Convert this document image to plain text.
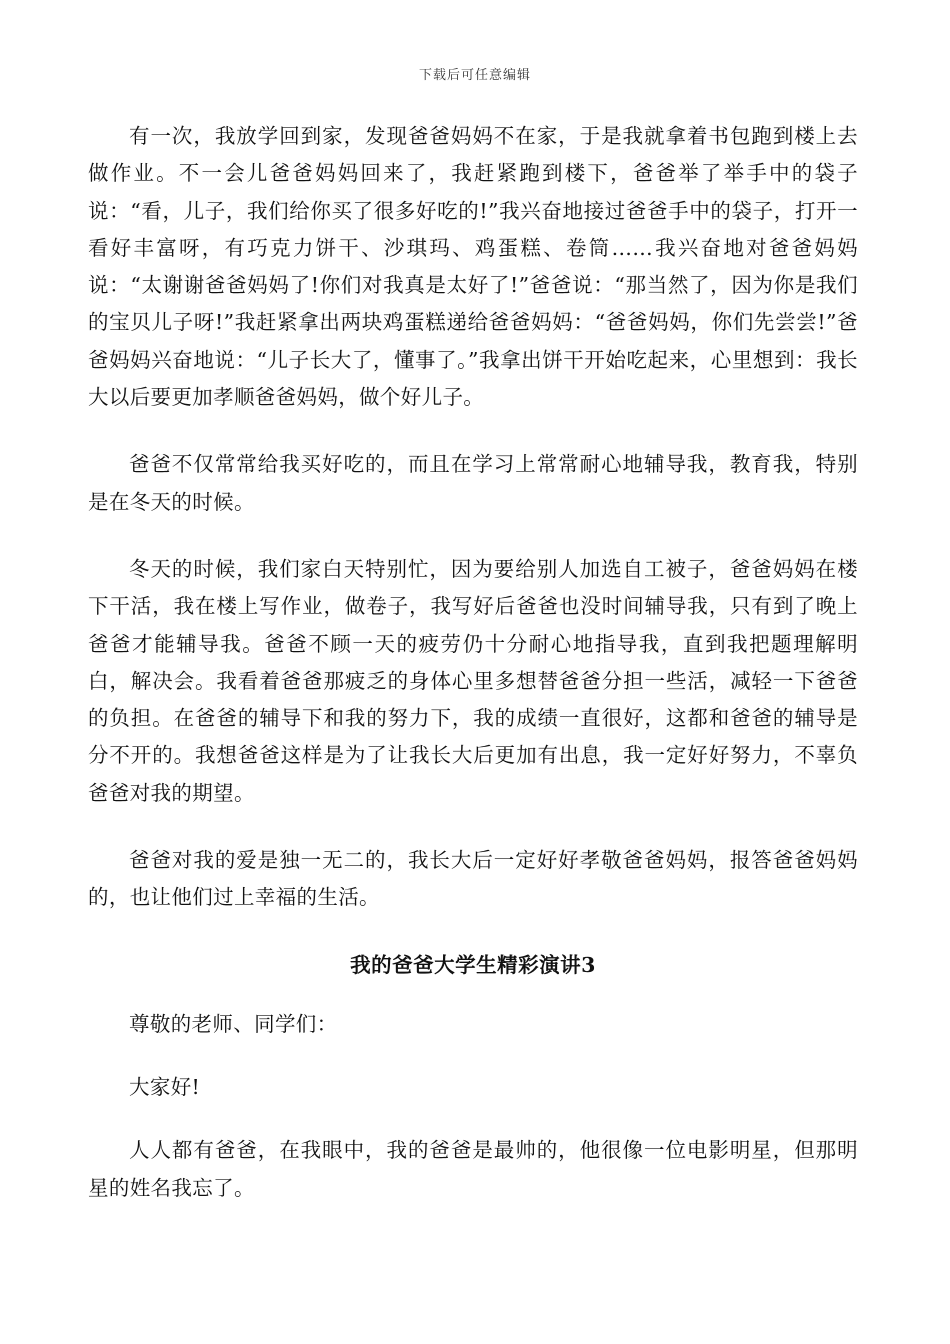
下载后可任意编辑

有一次，我放学回到家，发现爸爸妈妈不在家，于是我就拿着书包跑到楼上去做作业。不一会儿爸爸妈妈回来了，我赶紧跑到楼下，爸爸举了举手中的袋子说：“看，儿子，我们给你买了很多好吃的!”我兴奋地接过爸爸手中的袋子，打开一看好丰富呀，有巧克力饼干、沙琪玛、鸡蛋糕、卷筒……我兴奋地对爸爸妈妈说：“太谢谢爸爸妈妈了!你们对我真是太好了!”爸爸说：“那当然了，因为你是我们的宝贝儿子呀!”我赶紧拿出两块鸡蛋糕递给爸爸妈妈：“爸爸妈妈，你们先尝尝!”爸爸妈妈兴奋地说：“儿子长大了，懂事了。”我拿出饼干开始吃起来，心里想到：我长大以后要更加孝顺爸爸妈妈，做个好儿子。

爸爸不仅常常给我买好吃的，而且在学习上常常耐心地辅导我，教育我，特别是在冬天的时候。

冬天的时候，我们家白天特别忙，因为要给别人加选自工被子，爸爸妈妈在楼下干活，我在楼上写作业，做卷子，我写好后爸爸也没时间辅导我，只有到了晚上爸爸才能辅导我。爸爸不顾一天的疲劳仍十分耐心地指导我，直到我把题理解明白，解决会。我看着爸爸那疲乏的身体心里多想替爸爸分担一些活，减轻一下爸爸的负担。在爸爸的辅导下和我的努力下，我的成绩一直很好，这都和爸爸的辅导是分不开的。我想爸爸这样是为了让我长大后更加有出息，我一定好好努力，不辜负爸爸对我的期望。

爸爸对我的爱是独一无二的，我长大后一定好好孝敬爸爸妈妈，报答爸爸妈妈的，也让他们过上幸福的生活。

我的爸爸大学生精彩演讲3

尊敬的老师、同学们：

大家好!

人人都有爸爸，在我眼中，我的爸爸是最帅的，他很像一位电影明星，但那明星的姓名我忘了。
